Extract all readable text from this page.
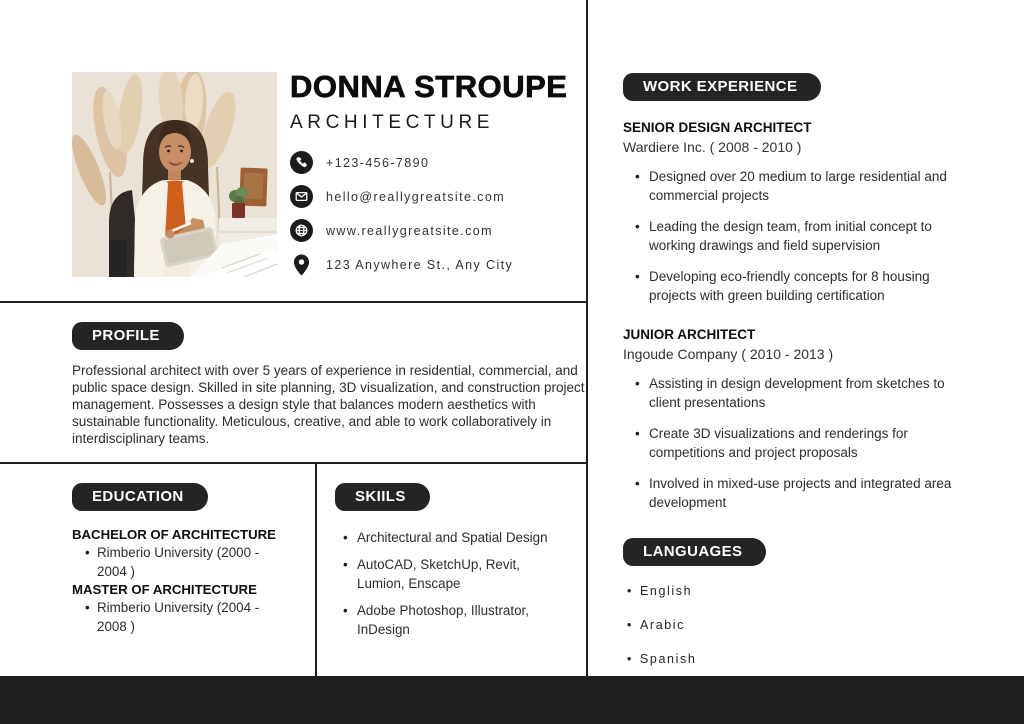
DONNA STROUPE
ARCHITECTURE
+123-456-7890
hello@reallygreatsite.com
www.reallygreatsite.com
123 Anywhere St., Any City
PROFILE

Professional architect with over 5 years of experience in residential, commercial, and public space design. Skilled in site planning, 3D visualization, and construction project management. Possesses a design style that balances modern aesthetics with sustainable functionality. Meticulous, creative, and able to work collaboratively in interdisciplinary teams.

EDUCATION
BACHELOR OF ARCHITECTURE
• Rimberio University (2000 - 2004 )
MASTER OF ARCHITECTURE
• Rimberio University (2004 - 2008 )
SKIILS
• Architectural and Spatial Design
• AutoCAD, SketchUp, Revit, Lumion, Enscape
• Adobe Photoshop, Illustrator, InDesign
WORK EXPERIENCE
SENIOR DESIGN ARCHITECT
Wardiere Inc. ( 2008 - 2010 )
• Designed over 20 medium to large residential and commercial projects
• Leading the design team, from initial concept to working drawings and field supervision
• Developing eco-friendly concepts for 8 housing projects with green building certification
JUNIOR ARCHITECT
Ingoude Company ( 2010 - 2013 )
• Assisting in design development from sketches to client presentations
• Create 3D visualizations and renderings for competitions and project proposals
• Involved in mixed-use projects and integrated area development
LANGUAGES
• English
• Arabic
• Spanish
